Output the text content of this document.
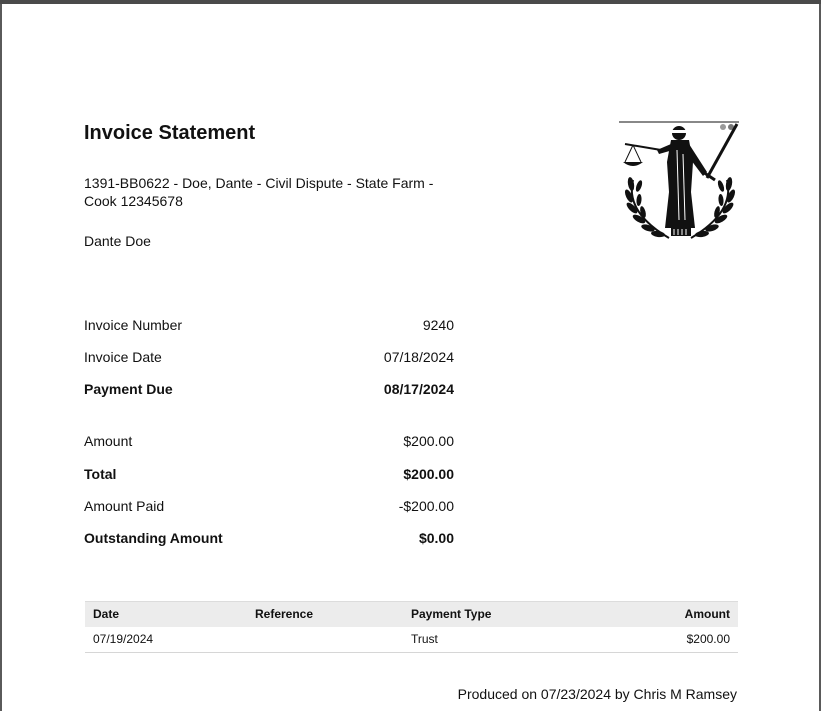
Invoice Statement
1391-BB0622 - Doe, Dante - Civil Dispute - State Farm - Cook 12345678
Dante Doe
Invoice Number	9240
Invoice Date	07/18/2024
Payment Due	08/17/2024
Amount	$200.00
Total	$200.00
Amount Paid	-$200.00
Outstanding Amount	$0.00
Date	Reference	Payment Type	Amount
07/19/2024		Trust	$200.00
Produced on 07/23/2024 by Chris M Ramsey
